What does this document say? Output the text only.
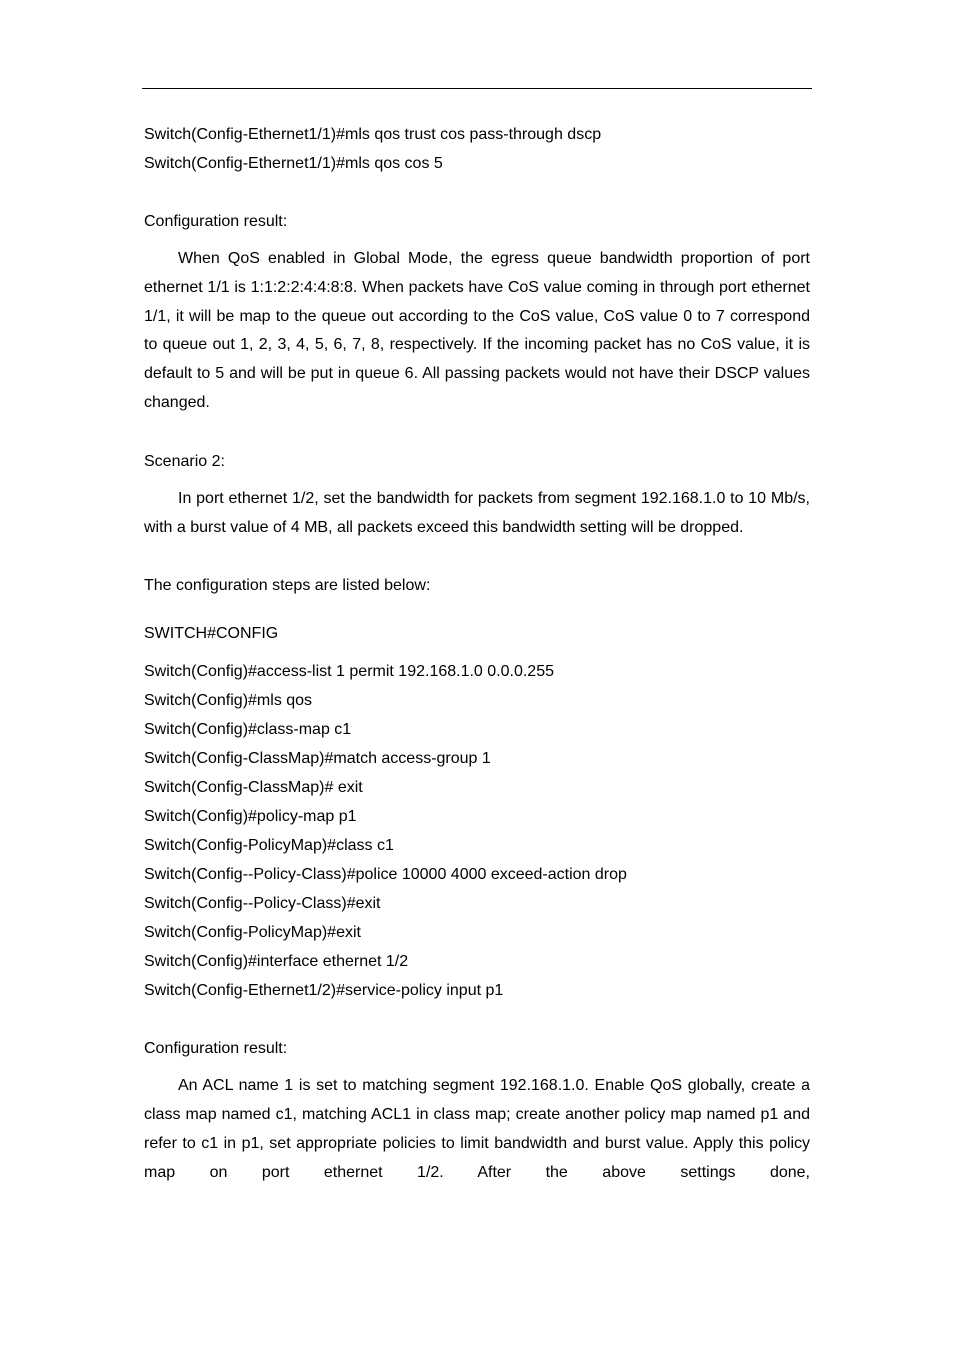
Switch(Config-Ethernet1/1)#mls qos trust cos pass-through dscp
Switch(Config-Ethernet1/1)#mls qos cos 5
Configuration result:
When QoS enabled in Global Mode, the egress queue bandwidth proportion of port ethernet 1/1 is 1:1:2:2:4:4:8:8. When packets have CoS value coming in through port ethernet 1/1, it will be map to the queue out according to the CoS value, CoS value 0 to 7 correspond to queue out 1, 2, 3, 4, 5, 6, 7, 8, respectively. If the incoming packet has no CoS value, it is default to 5 and will be put in queue 6. All passing packets would not have their DSCP values changed.
Scenario 2:
In port ethernet 1/2, set the bandwidth for packets from segment 192.168.1.0 to 10 Mb/s, with a burst value of 4 MB, all packets exceed this bandwidth setting will be dropped.
The configuration steps are listed below:
SWITCH#CONFIG
Switch(Config)#access-list 1 permit 192.168.1.0 0.0.0.255
Switch(Config)#mls qos
Switch(Config)#class-map c1
Switch(Config-ClassMap)#match access-group 1
Switch(Config-ClassMap)# exit
Switch(Config)#policy-map p1
Switch(Config-PolicyMap)#class c1
Switch(Config--Policy-Class)#police 10000 4000 exceed-action drop
Switch(Config--Policy-Class)#exit
Switch(Config-PolicyMap)#exit
Switch(Config)#interface ethernet 1/2
Switch(Config-Ethernet1/2)#service-policy input p1
Configuration result:
An ACL name 1 is set to matching segment 192.168.1.0. Enable QoS globally, create a class map named c1, matching ACL1 in class map; create another policy map named p1 and refer to c1 in p1, set appropriate policies to limit bandwidth and burst value. Apply this policy map on port ethernet 1/2. After the above settings done,
